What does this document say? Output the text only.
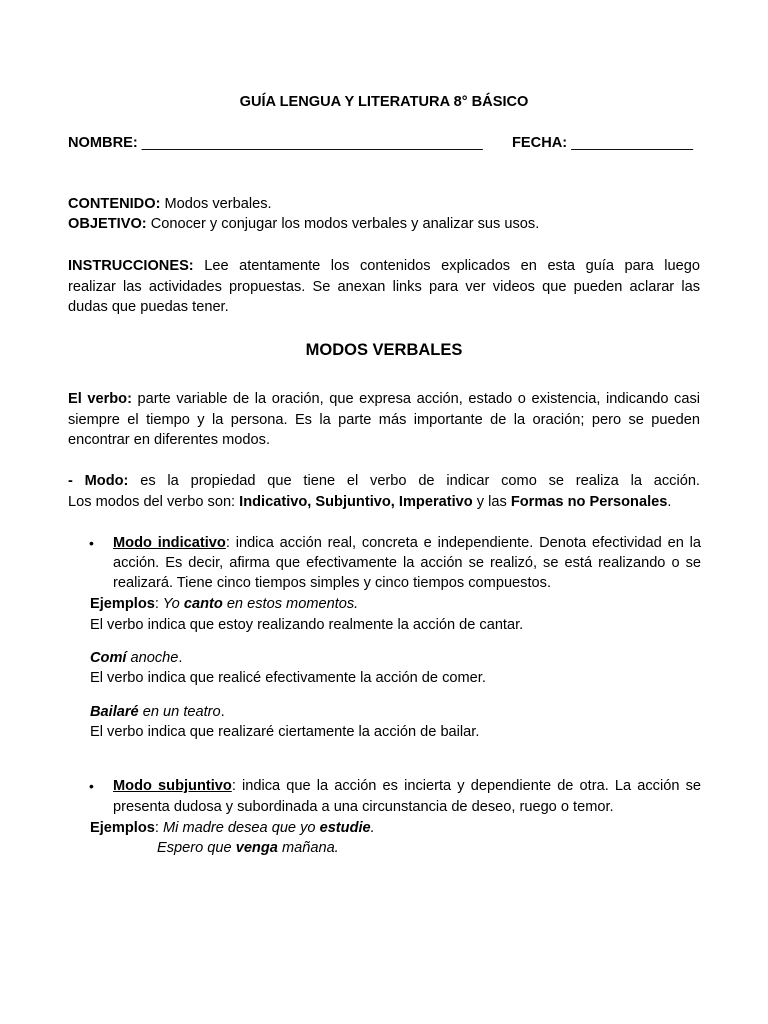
GUÍA LENGUA Y LITERATURA 8° BÁSICO
NOMBRE: __________________________________________ FECHA: _______________
CONTENIDO: Modos verbales.
OBJETIVO: Conocer y conjugar los modos verbales y analizar sus usos.
INSTRUCCIONES: Lee atentamente los contenidos explicados en esta guía para luego
realizar las actividades propuestas. Se anexan links para ver videos que pueden aclarar las
dudas que puedas tener.
MODOS VERBALES
El verbo: parte variable de la oración, que expresa acción, estado o existencia, indicando casi
siempre el tiempo y la persona. Es la parte más importante de la oración; pero se pueden
encontrar en diferentes modos.
- Modo: es la propiedad que tiene el verbo de indicar como se realiza la acción.
Los modos del verbo son: Indicativo, Subjuntivo, Imperativo y las Formas no Personales.
• Modo indicativo: indica acción real, concreta e independiente. Denota efectividad en la
acción. Es decir, afirma que efectivamente la acción se realizó, se está realizando o se
realizará. Tiene cinco tiempos simples y cinco tiempos compuestos.
Ejemplos: Yo canto en estos momentos.
El verbo indica que estoy realizando realmente la acción de cantar.
Comí anoche.
El verbo indica que realicé efectivamente la acción de comer.
Bailaré en un teatro.
El verbo indica que realizaré ciertamente la acción de bailar.
• Modo subjuntivo: indica que la acción es incierta y dependiente de otra. La acción se
presenta dudosa y subordinada a una circunstancia de deseo, ruego o temor.
Ejemplos: Mi madre desea que yo estudie.
Espero que venga mañana.
